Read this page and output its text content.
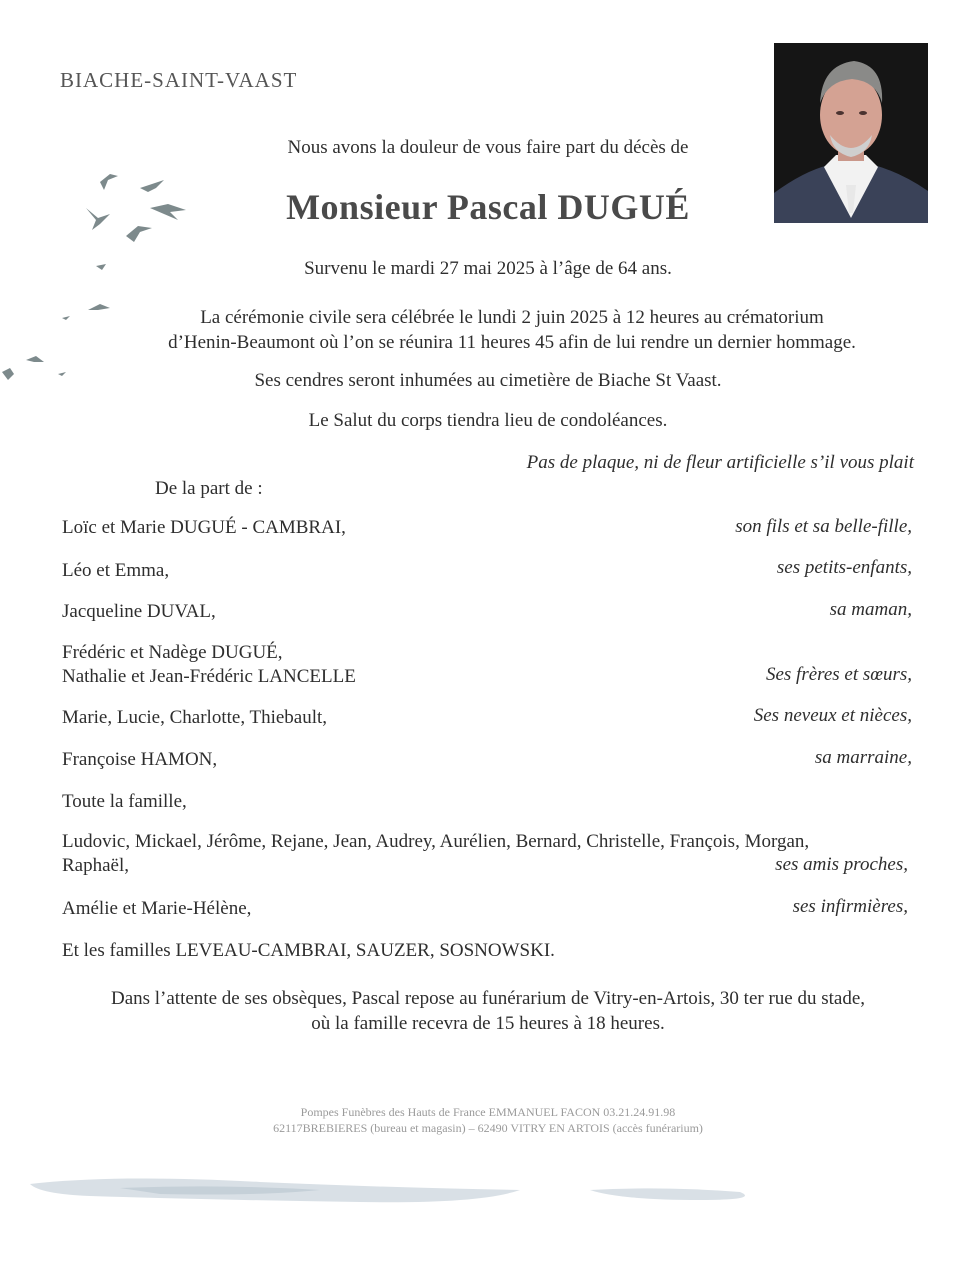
BIACHE-SAINT-VAAST
Nous avons la douleur de vous faire part du décès de
Monsieur Pascal DUGUÉ
Survenu le mardi 27 mai 2025 à l’âge de 64 ans.
La cérémonie civile sera célébrée le lundi 2 juin 2025 à 12 heures au crématorium
d’Henin-Beaumont où l’on se réunira 11 heures 45 afin de lui rendre un dernier hommage.
Ses cendres seront inhumées au cimetière de Biache St Vaast.
Le Salut du corps tiendra lieu de condoléances.
Pas de plaque, ni de fleur artificielle s’il vous plait
De la part de :
Loïc et Marie DUGUÉ - CAMBRAI,	son fils et sa belle-fille,
Léo et Emma,	ses petits-enfants,
Jacqueline DUVAL,	sa maman,
Frédéric et Nadège DUGUÉ,
Nathalie et Jean-Frédéric LANCELLE	Ses frères et sœurs,
Marie, Lucie, Charlotte, Thiebault,	Ses neveux et nièces,
Françoise HAMON,	sa marraine,
Toute la famille,
Ludovic, Mickael, Jérôme, Rejane, Jean, Audrey, Aurélien, Bernard, Christelle, François, Morgan,
Raphaël,	ses amis proches,
Amélie et Marie-Hélène,	ses infirmières,
Et les familles LEVEAU-CAMBRAI, SAUZER, SOSNOWSKI.
Dans l’attente de ses obsèques, Pascal repose au funérarium de Vitry-en-Artois, 30 ter rue du stade,
où la famille recevra de 15 heures à 18 heures.
Pompes Funèbres des Hauts de France EMMANUEL FACON 03.21.24.91.98
62117BREBIERES (bureau et magasin) – 62490 VITRY EN ARTOIS (accès funérarium)
